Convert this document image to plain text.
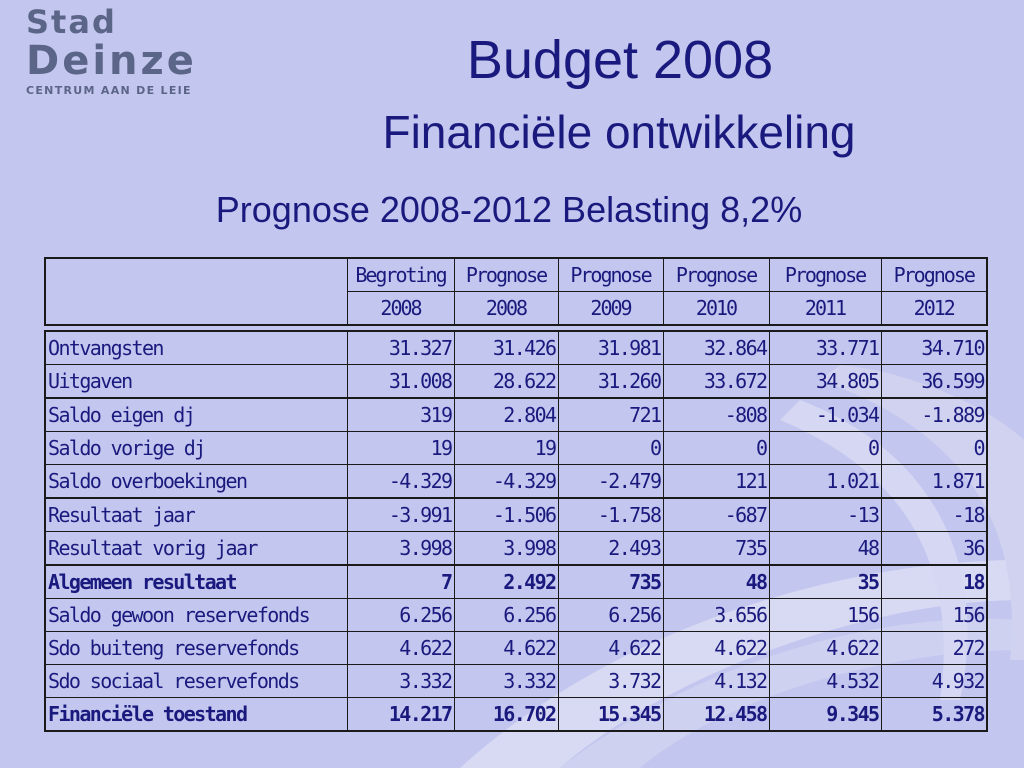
Stad
Deinze
CENTRUM AAN DE LEIE
Budget 2008
Financiële ontwikkeling
Prognose 2008-2012 Belasting 8,2%
	Begroting	Prognose	Prognose	Prognose	Prognose	Prognose
	2008	2008	2009	2010	2011	2012
Ontvangsten	31.327	31.426	31.981	32.864	33.771	34.710
Uitgaven	31.008	28.622	31.260	33.672	34.805	36.599
Saldo eigen dj	319	2.804	721	-808	-1.034	-1.889
Saldo vorige dj	19	19	0	0	0	0
Saldo overboekingen	-4.329	-4.329	-2.479	121	1.021	1.871
Resultaat jaar	-3.991	-1.506	-1.758	-687	-13	-18
Resultaat vorig jaar	3.998	3.998	2.493	735	48	36
Algemeen resultaat	7	2.492	735	48	35	18
Saldo gewoon reservefonds	6.256	6.256	6.256	3.656	156	156
Sdo buiteng reservefonds	4.622	4.622	4.622	4.622	4.622	272
Sdo sociaal reservefonds	3.332	3.332	3.732	4.132	4.532	4.932
Financiële toestand	14.217	16.702	15.345	12.458	9.345	5.378
